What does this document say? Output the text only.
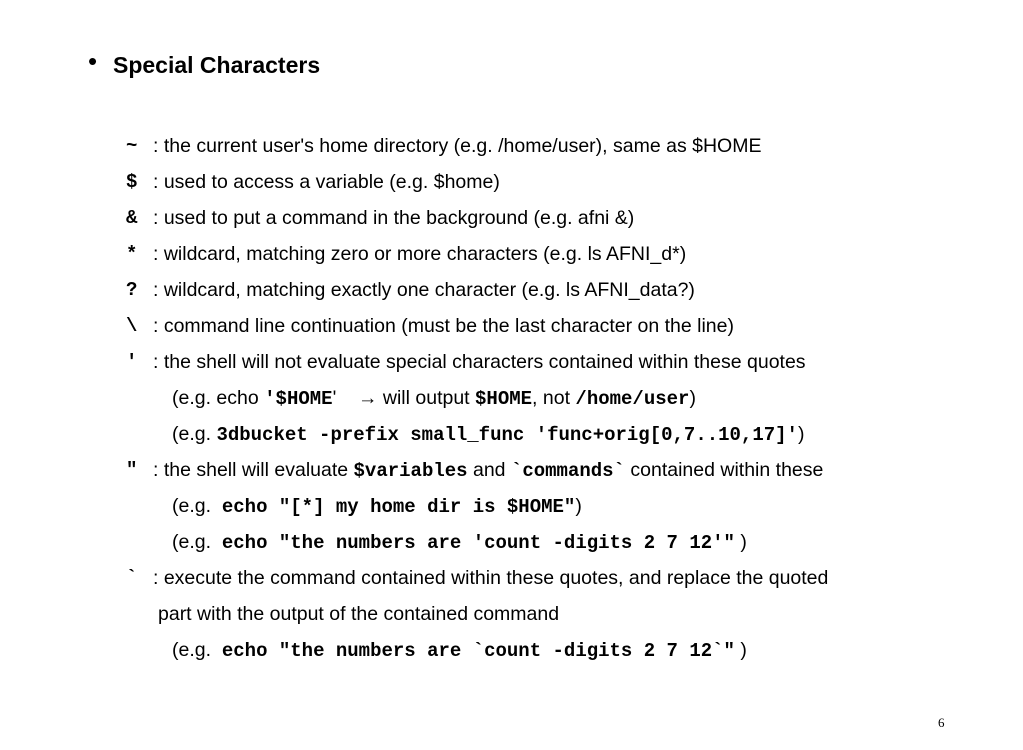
• Special Characters
~ : the current user's home directory (e.g. /home/user), same as $HOME
$ : used to access a variable (e.g. $home)
& : used to put a command in the background (e.g. afni &)
* : wildcard, matching zero or more characters (e.g. ls AFNI_d*)
? : wildcard, matching exactly one character (e.g. ls AFNI_data?)
\ : command line continuation (must be the last character on the line)
' : the shell will not evaluate special characters contained within these quotes
(e.g. echo '$HOME' → will output $HOME, not /home/user)
(e.g. 3dbucket -prefix small_func 'func+orig[0,7..10,17]')
" : the shell will evaluate $variables and `commands` contained within these
(e.g.  echo "[*] my home dir is $HOME")
(e.g.  echo "the numbers are 'count -digits 2 7 12'" )
` : execute the command contained within these quotes, and replace the quoted
part with the output of the contained command
(e.g.  echo "the numbers are `count -digits 2 7 12`" )
6
